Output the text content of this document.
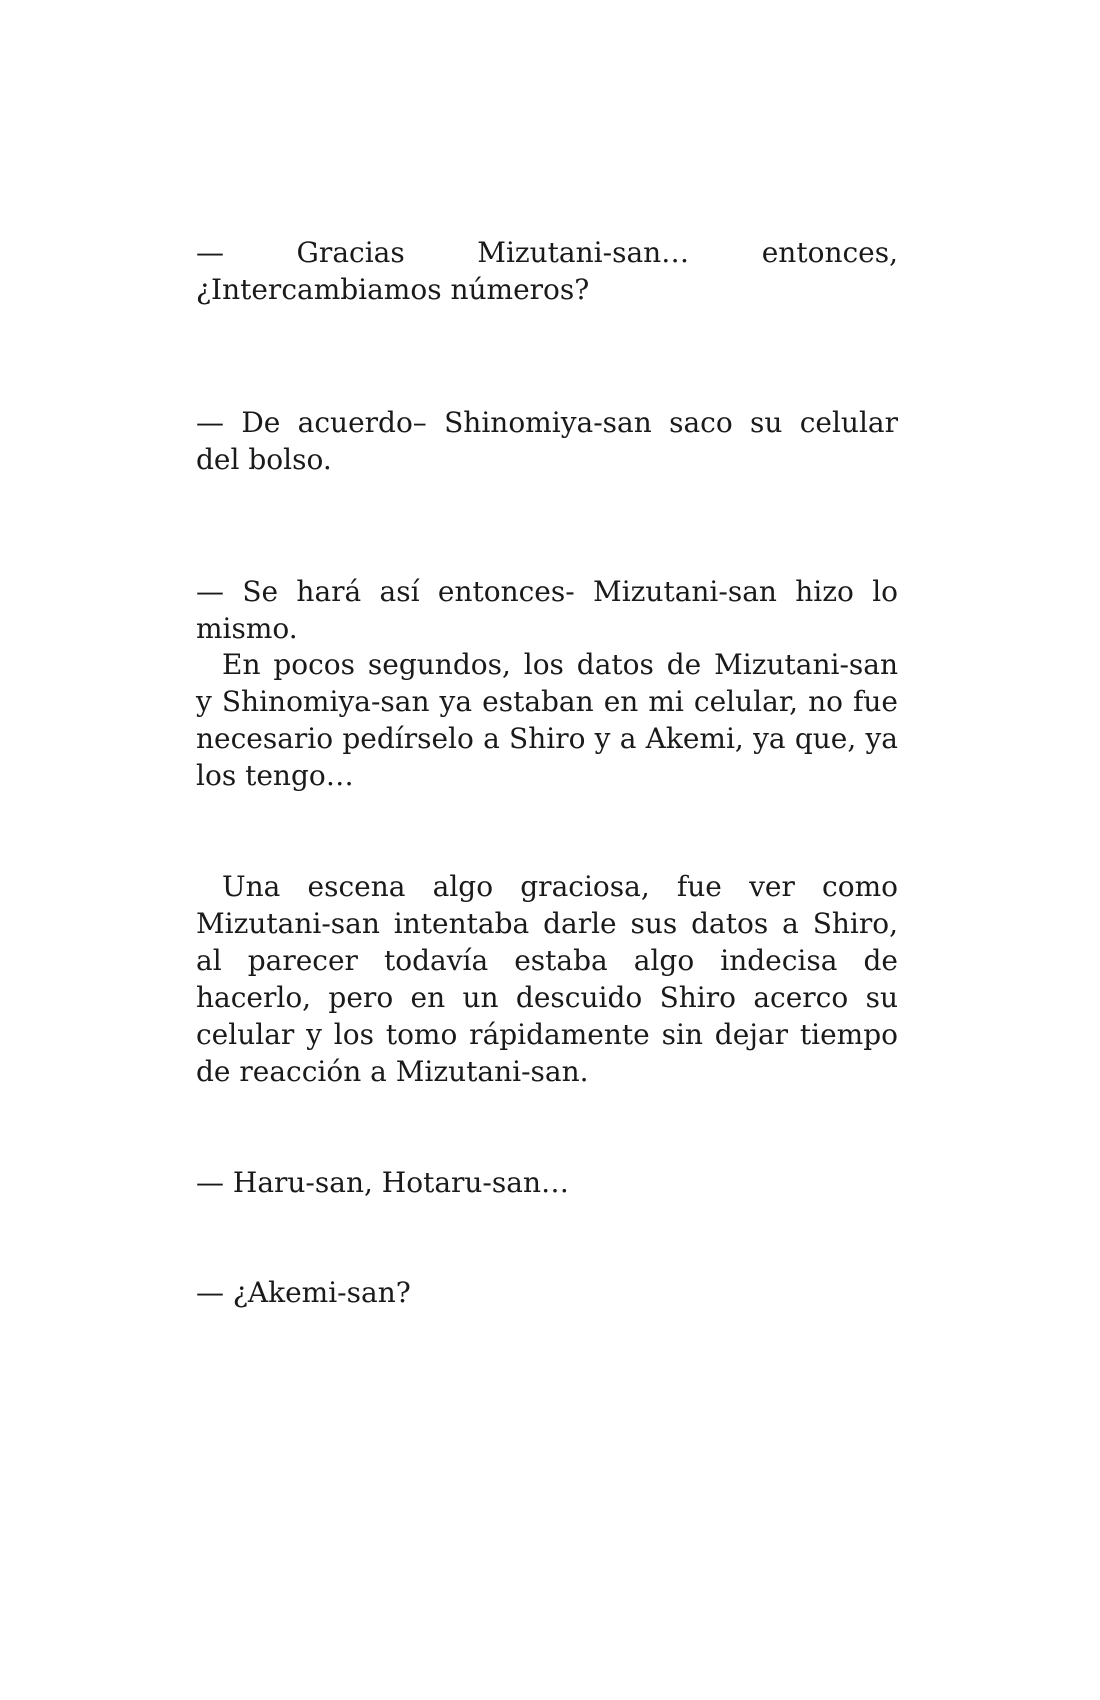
— Gracias Mizutani-san… entonces, ¿Intercambiamos números?

— De acuerdo– Shinomiya-san saco su celular del bolso.

— Se hará así entonces- Mizutani-san hizo lo mismo.

En pocos segundos, los datos de Mizutani-san y Shinomiya-san ya estaban en mi celular, no fue necesario pedírselo a Shiro y a Akemi, ya que, ya los tengo…

Una escena algo graciosa, fue ver como Mizutani-san intentaba darle sus datos a Shiro, al parecer todavía estaba algo indecisa de hacerlo, pero en un descuido Shiro acerco su celular y los tomo rápidamente sin dejar tiempo de reacción a Mizutani-san.

— Haru-san, Hotaru-san…

— ¿Akemi-san?
